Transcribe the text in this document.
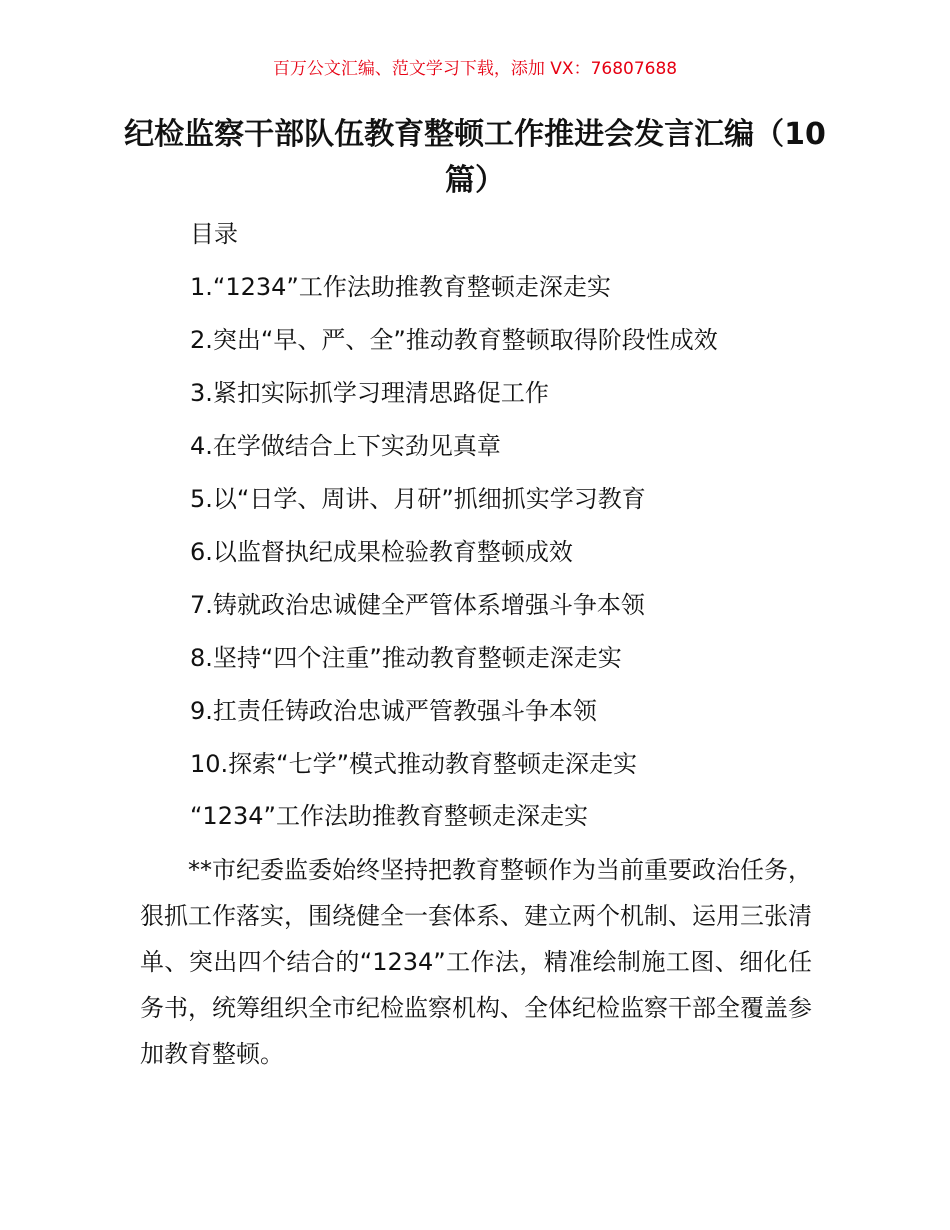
百万公文汇编、范文学习下载，添加 VX：76807688
纪检监察干部队伍教育整顿工作推进会发言汇编（10 篇）
目录
1.“1234”工作法助推教育整顿走深走实
2.突出“早、严、全”推动教育整顿取得阶段性成效
3.紧扣实际抓学习理清思路促工作
4.在学做结合上下实劲见真章
5.以“日学、周讲、月研”抓细抓实学习教育
6.以监督执纪成果检验教育整顿成效
7.铸就政治忠诚健全严管体系增强斗争本领
8.坚持“四个注重”推动教育整顿走深走实
9.扛责任铸政治忠诚严管教强斗争本领
10.探索“七学”模式推动教育整顿走深走实
“1234”工作法助推教育整顿走深走实

**市纪委监委始终坚持把教育整顿作为当前重要政治任务，狠抓工作落实，围绕健全一套体系、建立两个机制、运用三张清单、突出四个结合的“1234”工作法，精准绘制施工图、细化任务书，统筹组织全市纪检监察机构、全体纪检监察干部全覆盖参加教育整顿。
